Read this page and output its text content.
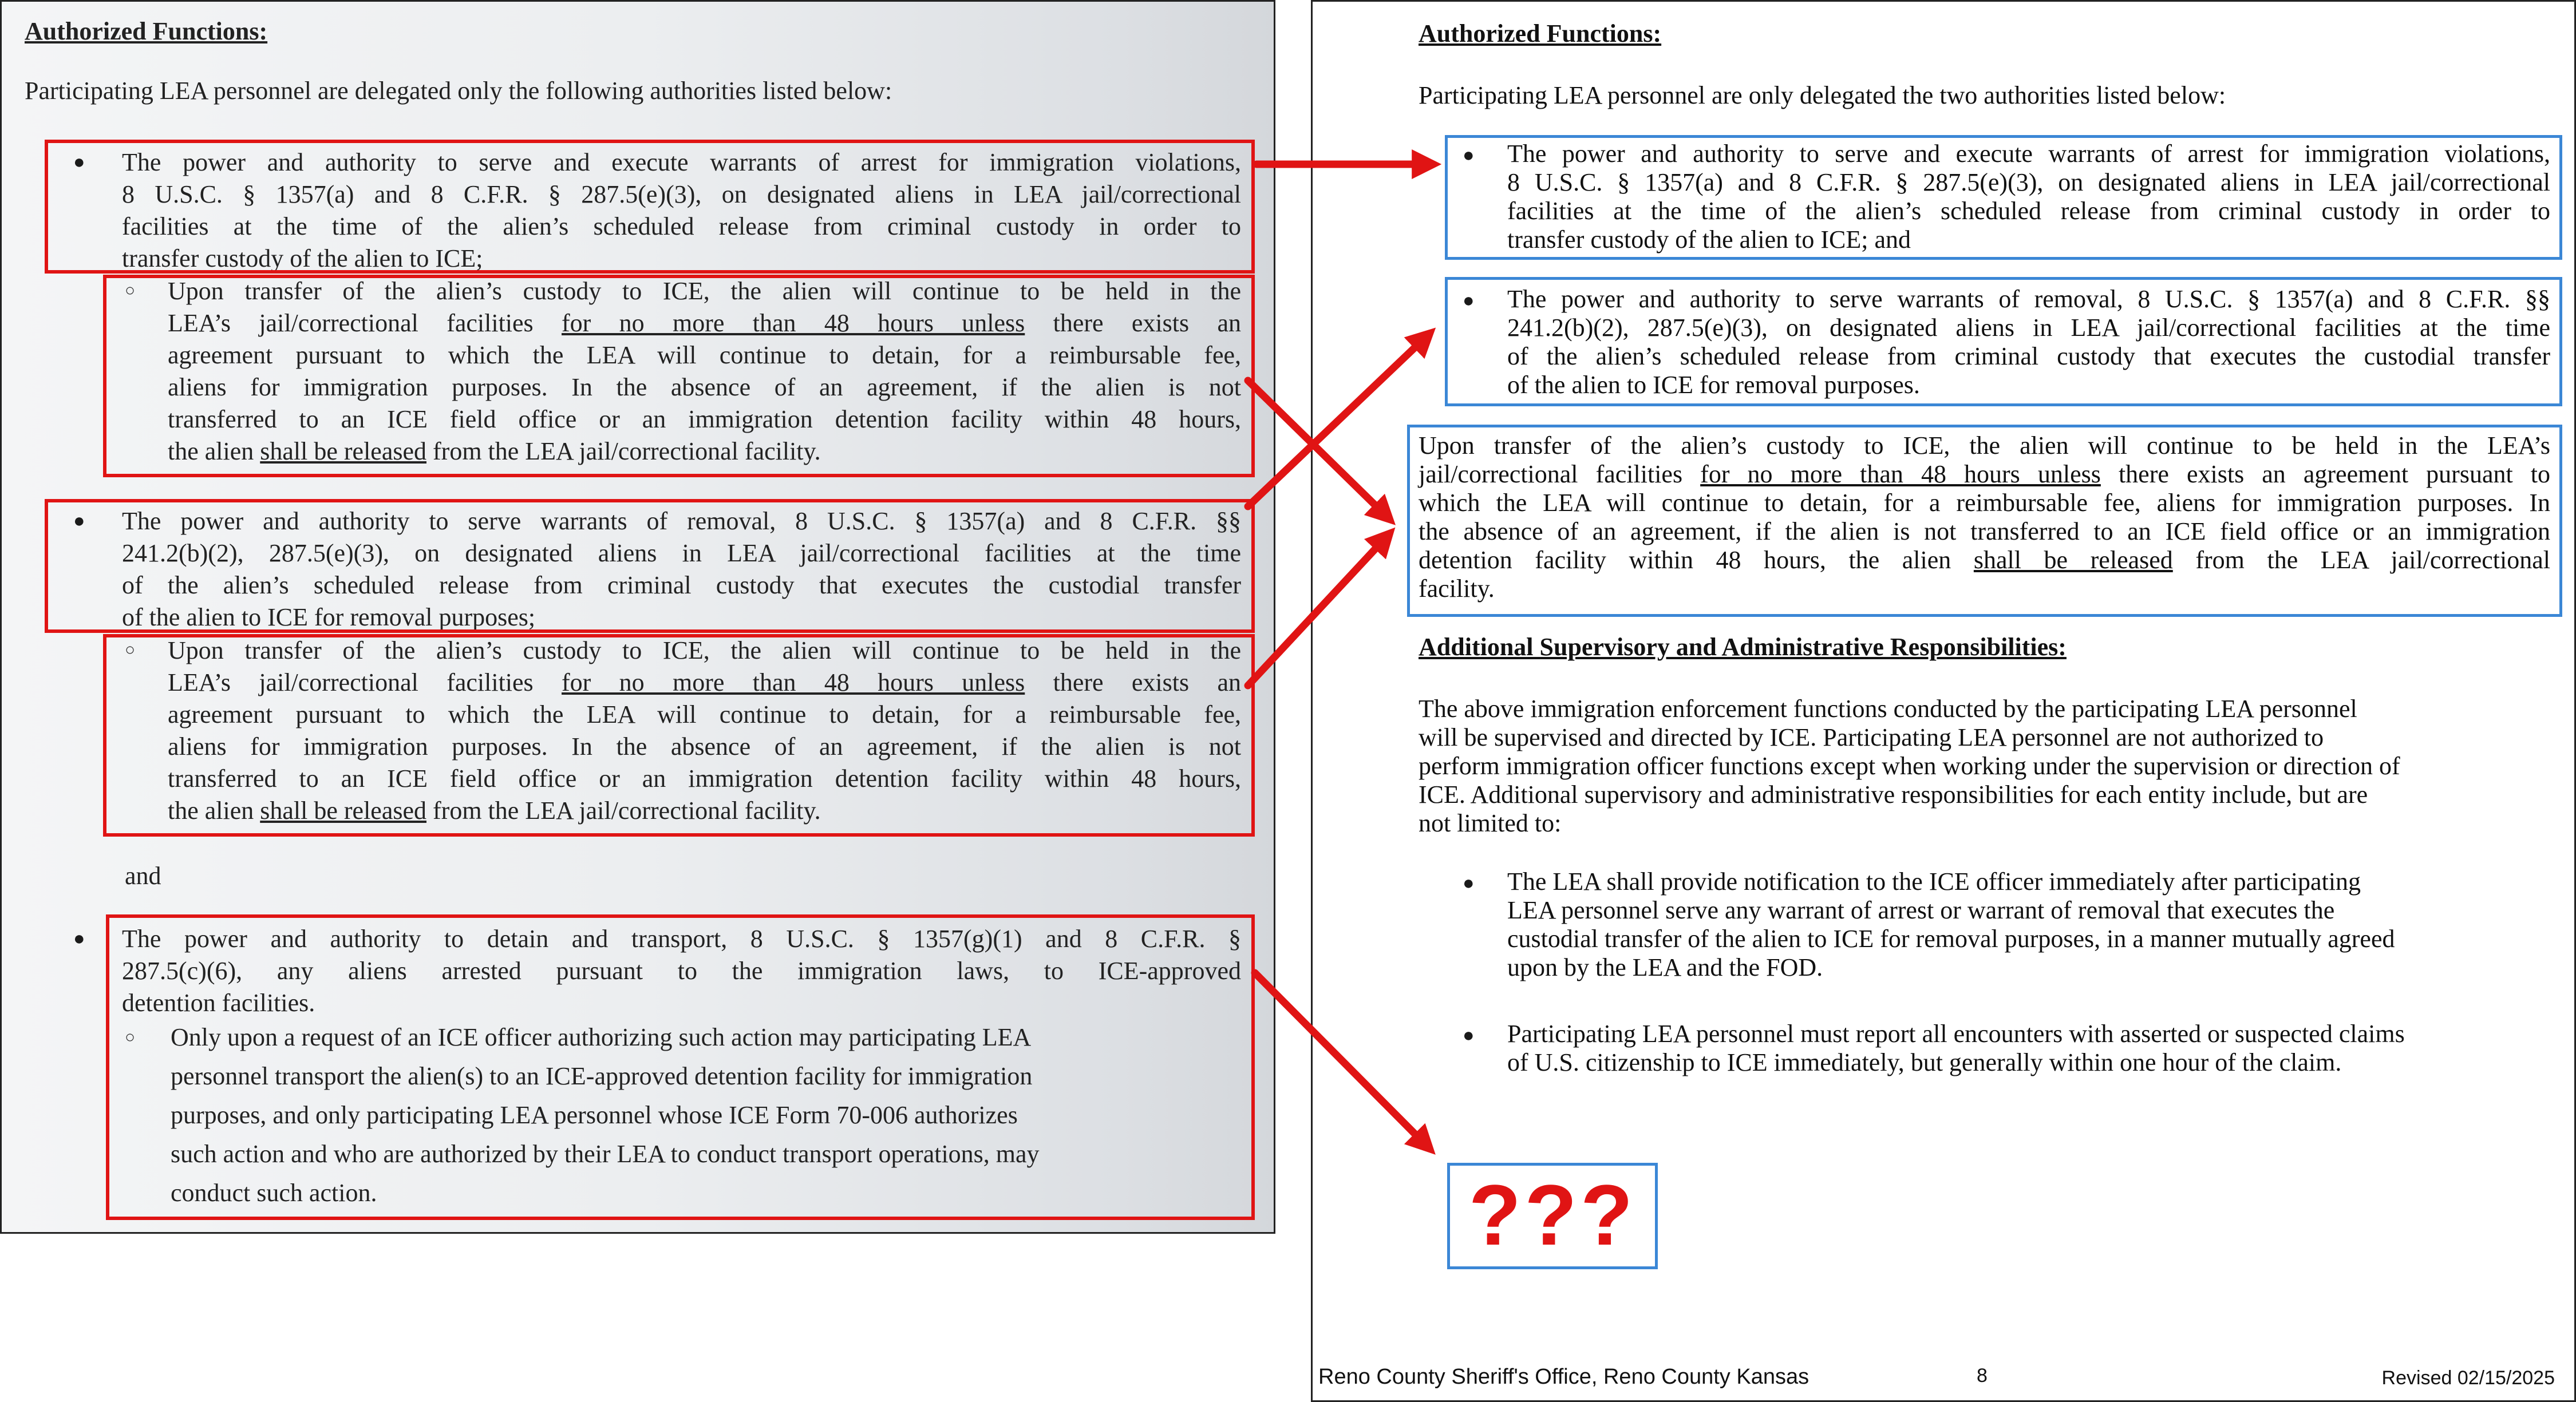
Authorized Functions:
Participating LEA personnel are delegated only the following authorities listed below:
● The power and authority to serve and execute warrants of arrest for immigration violations,
8 U.S.C. § 1357(a) and 8 C.F.R. § 287.5(e)(3), on designated aliens in LEA jail/correctional
facilities at the time of the alien’s scheduled release from criminal custody in order to
transfer custody of the alien to ICE;
○ Upon transfer of the alien’s custody to ICE, the alien will continue to be held in the
LEA’s jail/correctional facilities for no more than 48 hours unless there exists an
agreement pursuant to which the LEA will continue to detain, for a reimbursable fee,
aliens for immigration purposes. In the absence of an agreement, if the alien is not
transferred to an ICE field office or an immigration detention facility within 48 hours,
the alien shall be released from the LEA jail/correctional facility.
● The power and authority to serve warrants of removal, 8 U.S.C. § 1357(a) and 8 C.F.R. §§
241.2(b)(2), 287.5(e)(3), on designated aliens in LEA jail/correctional facilities at the time
of the alien’s scheduled release from criminal custody that executes the custodial transfer
of the alien to ICE for removal purposes;
○ Upon transfer of the alien’s custody to ICE, the alien will continue to be held in the
LEA’s jail/correctional facilities for no more than 48 hours unless there exists an
agreement pursuant to which the LEA will continue to detain, for a reimbursable fee,
aliens for immigration purposes. In the absence of an agreement, if the alien is not
transferred to an ICE field office or an immigration detention facility within 48 hours,
the alien shall be released from the LEA jail/correctional facility.
and
● The power and authority to detain and transport, 8 U.S.C. § 1357(g)(1) and 8 C.F.R. §
287.5(c)(6), any aliens arrested pursuant to the immigration laws, to ICE-approved
detention facilities.
○ Only upon a request of an ICE officer authorizing such action may participating LEA
personnel transport the alien(s) to an ICE-approved detention facility for immigration
purposes, and only participating LEA personnel whose ICE Form 70-006 authorizes
such action and who are authorized by their LEA to conduct transport operations, may
conduct such action.
Authorized Functions:
Participating LEA personnel are only delegated the two authorities listed below:
● The power and authority to serve and execute warrants of arrest for immigration violations,
8 U.S.C. § 1357(a) and 8 C.F.R. § 287.5(e)(3), on designated aliens in LEA jail/correctional
facilities at the time of the alien’s scheduled release from criminal custody in order to
transfer custody of the alien to ICE; and
● The power and authority to serve warrants of removal, 8 U.S.C. § 1357(a) and 8 C.F.R. §§
241.2(b)(2), 287.5(e)(3), on designated aliens in LEA jail/correctional facilities at the time
of the alien’s scheduled release from criminal custody that executes the custodial transfer
of the alien to ICE for removal purposes.
Upon transfer of the alien’s custody to ICE, the alien will continue to be held in the LEA’s
jail/correctional facilities for no more than 48 hours unless there exists an agreement pursuant to
which the LEA will continue to detain, for a reimbursable fee, aliens for immigration purposes. In
the absence of an agreement, if the alien is not transferred to an ICE field office or an immigration
detention facility within 48 hours, the alien shall be released from the LEA jail/correctional
facility.
Additional Supervisory and Administrative Responsibilities:
The above immigration enforcement functions conducted by the participating LEA personnel
will be supervised and directed by ICE. Participating LEA personnel are not authorized to
perform immigration officer functions except when working under the supervision or direction of
ICE. Additional supervisory and administrative responsibilities for each entity include, but are
not limited to:
● The LEA shall provide notification to the ICE officer immediately after participating
LEA personnel serve any warrant of arrest or warrant of removal that executes the
custodial transfer of the alien to ICE for removal purposes, in a manner mutually agreed
upon by the LEA and the FOD.
● Participating LEA personnel must report all encounters with asserted or suspected claims
of U.S. citizenship to ICE immediately, but generally within one hour of the claim.
Reno County Sheriff's Office, Reno County Kansas	8	Revised 02/15/2025
???
